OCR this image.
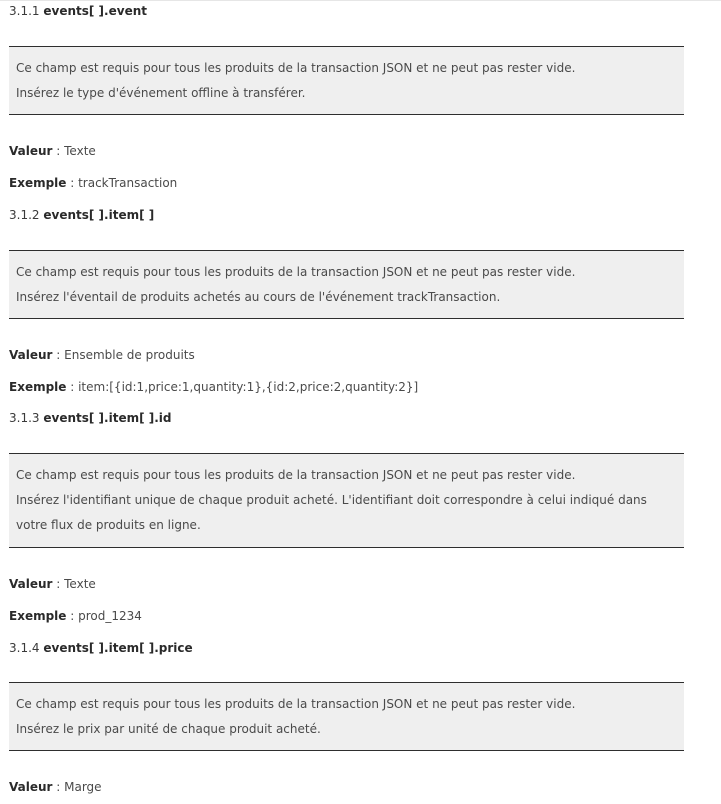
3.1.1 events[ ].event
Ce champ est requis pour tous les produits de la transaction JSON et ne peut pas rester vide.
Insérez le type d'événement offline à transférer.
Valeur : Texte
Exemple : trackTransaction
3.1.2 events[ ].item[ ]
Ce champ est requis pour tous les produits de la transaction JSON et ne peut pas rester vide.
Insérez l'éventail de produits achetés au cours de l'événement trackTransaction.
Valeur : Ensemble de produits
Exemple : item:[{id:1,price:1,quantity:1},{id:2,price:2,quantity:2}]
3.1.3 events[ ].item[ ].id
Ce champ est requis pour tous les produits de la transaction JSON et ne peut pas rester vide.
Insérez l'identifiant unique de chaque produit acheté. L'identifiant doit correspondre à celui indiqué dans votre flux de produits en ligne.
Valeur : Texte
Exemple : prod_1234
3.1.4 events[ ].item[ ].price
Ce champ est requis pour tous les produits de la transaction JSON et ne peut pas rester vide.
Insérez le prix par unité de chaque produit acheté.
Valeur : Marge
